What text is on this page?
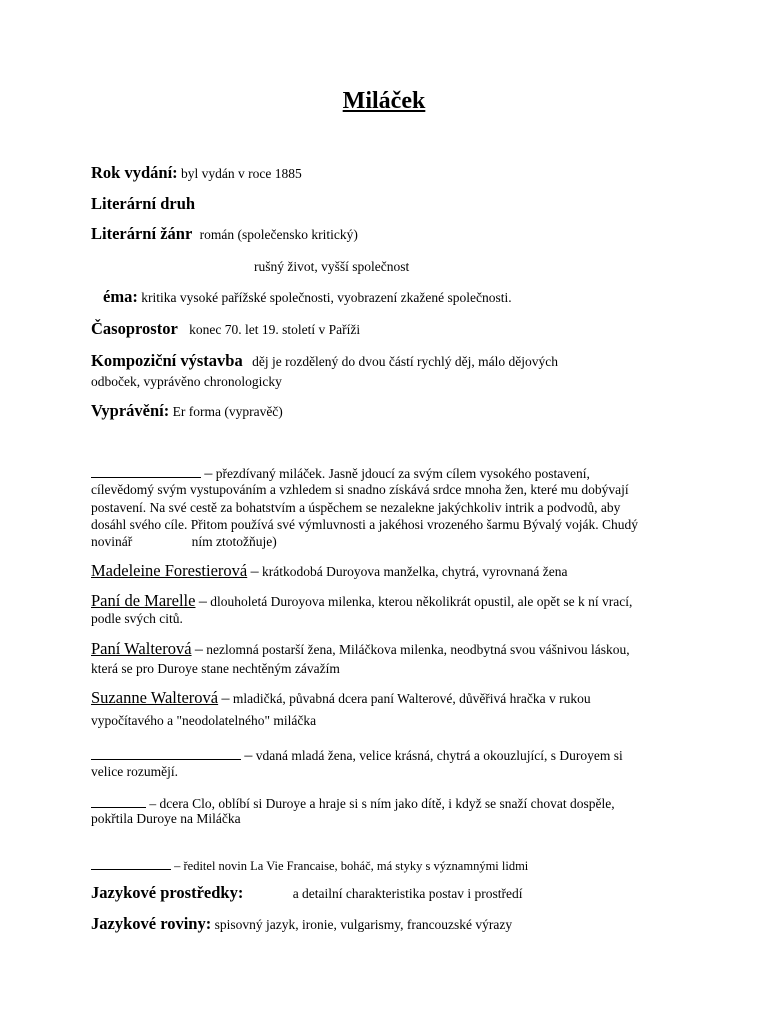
Miláček
Rok vydání: byl vydán v roce 1885
Literární druh
Literární žánr román (společensko kritický)
rušný život, vyšší společnost
éma: kritika vysoké pařížské společnosti, vyobrazení zkažené společnosti.
Časoprostor konec 70. let 19. století v Paříži
Kompoziční výstavba děj je rozdělený do dvou částí rychlý děj, málo dějových
odboček, vyprávěno chronologicky
Vyprávění: Er forma (vypravěč)
– přezdívaný miláček. Jasně jdoucí za svým cílem vysokého postavení,
cílevědomý svým vystupováním a vzhledem si snadno získává srdce mnoha žen, které mu dobývají
postavení. Na své cestě za bohatstvím a úspěchem se nezalekne jakýchkoliv intrik a podvodů, aby
dosáhl svého cíle. Přitom používá své výmluvnosti a jakéhosi vrozeného šarmu Bývalý voják. Chudý
novinář	ním ztotožňuje)
Madeleine Forestierová – krátkodobá Duroyova manželka, chytrá, vyrovnaná žena
Paní de Marelle – dlouholetá Duroyova milenka, kterou několikrát opustil, ale opět se k ní vrací,
podle svých citů.
Paní Walterová – nezlomná postarší žena, Miláčkova milenka, neodbytná svou vášnivou láskou,
která se pro Duroye stane nechtěným závažím
Suzanne Walterová – mladičká, půvabná dcera paní Walterové, důvěřivá hračka v rukou
vypočítavého a "neodolatelného" miláčka
– vdaná mladá žena, velice krásná, chytrá a okouzlující, s Duroyem si
velice rozumějí.
– dcera Clo, oblíbí si Duroye a hraje si s ním jako dítě, i když se snaží chovat dospěle,
pokřtila Duroye na Miláčka
– ředitel novin La Vie Francaise, boháč, má styky s významnými lidmi
Jazykové prostředky:	a detailní charakteristika postav i prostředí
Jazykové roviny: spisovný jazyk, ironie, vulgarismy, francouzské výrazy
